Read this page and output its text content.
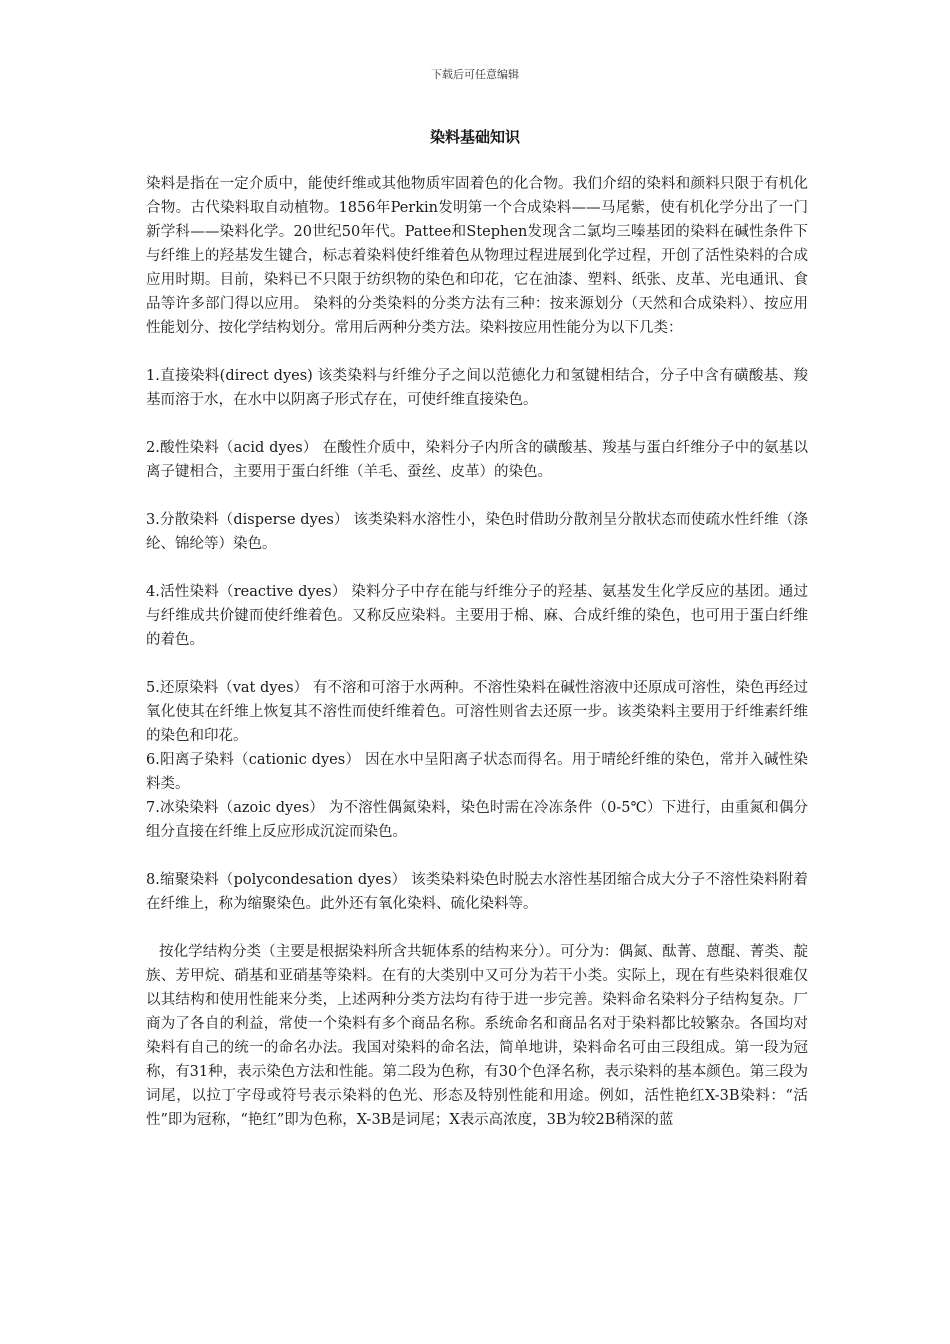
下载后可任意编辑
染料基础知识

染料是指在一定介质中，能使纤维或其他物质牢固着色的化合物。我们介绍的染料和颜料只限于有机化合物。古代染料取自动植物。1856年Perkin发明第一个合成染料——马尾紫，使有机化学分出了一门新学科——染料化学。20世纪50年代。Pattee和Stephen发现含二氯均三嗪基团的染料在碱性条件下与纤维上的羟基发生键合，标志着染料使纤维着色从物理过程进展到化学过程，开创了活性染料的合成应用时期。目前，染料已不只限于纺织物的染色和印花，它在油漆、塑料、纸张、皮革、光电通讯、食品等许多部门得以应用。 染料的分类染料的分类方法有三种：按来源划分（天然和合成染料）、按应用性能划分、按化学结构划分。常用后两种分类方法。染料按应用性能分为以下几类：

1.直接染料(direct dyes) 该类染料与纤维分子之间以范德化力和氢键相结合，分子中含有磺酸基、羧基而溶于水，在水中以阴离子形式存在，可使纤维直接染色。

2.酸性染料（acid dyes） 在酸性介质中，染料分子内所含的磺酸基、羧基与蛋白纤维分子中的氨基以离子键相合，主要用于蛋白纤维（羊毛、蚕丝、皮革）的染色。

3.分散染料（disperse dyes） 该类染料水溶性小，染色时借助分散剂呈分散状态而使疏水性纤维（涤纶、锦纶等）染色。

4.活性染料（reactive dyes） 染料分子中存在能与纤维分子的羟基、氨基发生化学反应的基团。通过与纤维成共价键而使纤维着色。又称反应染料。主要用于棉、麻、合成纤维的染色，也可用于蛋白纤维的着色。

5.还原染料（vat dyes） 有不溶和可溶于水两种。不溶性染料在碱性溶液中还原成可溶性，染色再经过氧化使其在纤维上恢复其不溶性而使纤维着色。可溶性则省去还原一步。该类染料主要用于纤维素纤维的染色和印花。

6.阳离子染料（cationic dyes） 因在水中呈阳离子状态而得名。用于晴纶纤维的染色，常并入碱性染料类。

7.冰染染料（azoic dyes） 为不溶性偶氮染料，染色时需在冷冻条件（0-5℃）下进行，由重氮和偶分组分直接在纤维上反应形成沉淀而染色。

8.缩聚染料（polycondesation dyes） 该类染料染色时脱去水溶性基团缩合成大分子不溶性染料附着在纤维上，称为缩聚染色。此外还有氧化染料、硫化染料等。

按化学结构分类（主要是根据染料所含共轭体系的结构来分）。可分为：偶氮、酞菁、蒽醌、菁类、靛族、芳甲烷、硝基和亚硝基等染料。在有的大类别中又可分为若干小类。实际上，现在有些染料很难仅以其结构和使用性能来分类，上述两种分类方法均有待于进一步完善。染料命名染料分子结构复杂。厂商为了各自的利益，常使一个染料有多个商品名称。系统命名和商品名对于染料都比较繁杂。各国均对染料有自己的统一的命名办法。我国对染料的命名法，简单地讲，染料命名可由三段组成。第一段为冠称，有31种，表示染色方法和性能。第二段为色称，有30个色泽名称，表示染料的基本颜色。第三段为词尾，以拉丁字母或符号表示染料的色光、形态及特别性能和用途。例如，活性艳红X-3B染料：“活性”即为冠称，“艳红”即为色称，X-3B是词尾；X表示高浓度，3B为较2B稍深的蓝
